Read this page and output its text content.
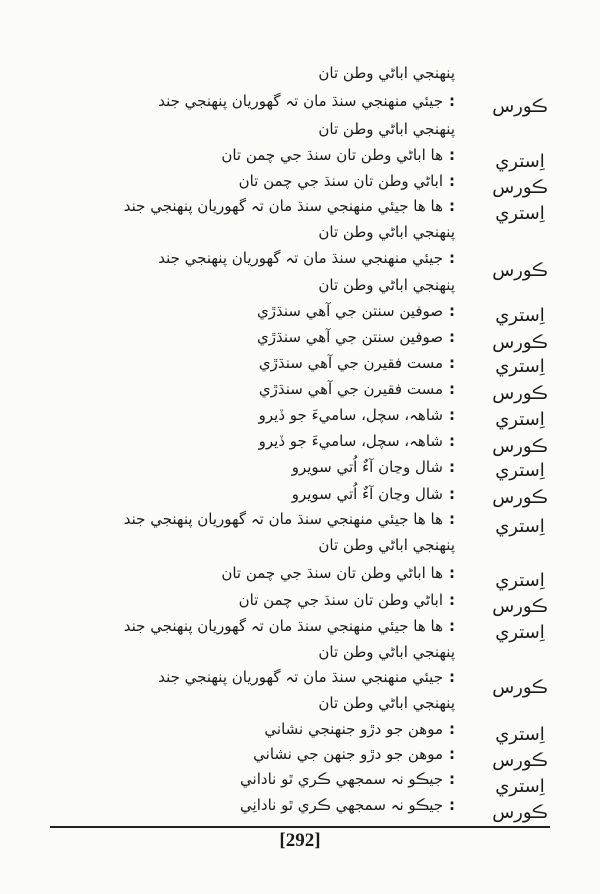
پنهنجي اباڻي وطن تان
ڪورس
:جيئي منهنجي سنڌ مان تہ گهوريان پنهنجي جند
پنهنجي اباڻي وطن تان
اِستري
:ها اباڻي وطن تان سنڌ جي چمن تان
ڪورس
:اباڻي وطن تان سنڌ جي چمن تان
اِستري
:ها ها جيئي منهنجي سنڌ مان تہ گهوريان پنهنجي جند
پنهنجي اباڻي وطن تان
ڪورس
:جيئي منهنجي سنڌ مان تہ گهوريان پنهنجي جند
پنهنجي اباڻي وطن تان
اِستري
:صوفين سنتن جي آهي سنڌڙي
ڪورس
:صوفين سنتن جي آهي سنڌڙي
اِستري
:مست فقيرن جي آهي سنڌڙي
ڪورس
:مست فقيرن جي آهي سنڌڙي
اِستري
:شاهہ، سچل، ساميءَ جو ڏيرو
ڪورس
:شاهہ، سچل، ساميءَ جو ڏيرو
اِستري
:شال وڃان آءٌ اُتي سويرو
ڪورس
:شال وڃان آءٌ اُتي سويرو
اِستري
:ها ها جيئي منهنجي سنڌ مان تہ گهوريان پنهنجي جند
پنهنجي اباڻي وطن تان
اِستري
:ها اباڻي وطن تان سنڌ جي چمن تان
ڪورس
:اباڻي وطن تان سنڌ جي چمن تان
اِستري
:ها ها جيئي منهنجي سنڌ مان تہ گهوريان پنهنجي جند
پنهنجي اباڻي وطن تان
ڪورس
:جيئي منهنجي سنڌ مان تہ گهوريان پنهنجي جند
پنهنجي اباڻي وطن تان
اِستري
:موهن جو دڙو جنهنجي نشاني
ڪورس
:موهن جو دڙو جنهن جي نشاني
اِستري
:جيڪو نہ سمجهي ڪري ٿو ناداني
ڪورس
:جيڪو نہ سمجهي ڪري ٿو نادانِي
[292]
